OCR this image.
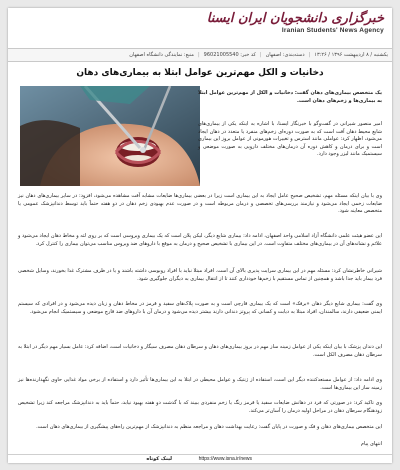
خبرگزاری دانشجویان ایران ایسنا
Iranian Students' News Agency
یکشنبه / ۸ اردیبهشت ۱۳۹۶ / ۱۳:۲۶|دسته‌بندی: اصفهان|کد خبر: 96021005540|منبع: نمایندگی دانشگاه اصفهان
دخانیات و الکل مهم‌ترین عوامل ابتلا به بیماری‌های دهان
یک متخصص بیماری‌های دهان گفت: دخانیات و الکل از مهم‌ترین عوامل ابتلا به بیماری‌ها و زخم‌های دهان است.
امیر منصور شیرانی در گفت‌وگو با خبرنگار ایسنا، با اشاره به اینکه یکی از بیماری‌های شایع محیط دهان آفت است که به صورت دوره‌ای زخم‌های منفرد یا متعدد در دهان ایجاد می‌شود، اظهار کرد: عواملی مانند استرس و تغییرات هورمونی از عوامل بروز این بیماری است و برای درمان و کاهش دوره آن درمان‌های مختلف دارویی به صورت موضعی و سیستمیک مانند لیزر وجود دارد.
وی با بیان اینکه مسئله مهم، تشخیص صحیح عامل ایجاد به این بیماری است زیرا در بعضی بیماری‌ها ضایعات مشابه آفت مشاهده می‌شود، افزود: در سایر بیماری‌های دهان نیز ضایعات زخمی ایجاد می‌شود و نیازمند بررسی‌های تخصصی و درمان مربوطه است و در صورت عدم بهبودی زخم دهان در دو هفته حتماً باید توسط دندانپزشک عمومی یا متخصص معاینه شود.
این عضو هیئت علمی دانشگاه آزاد اسلامی واحد اصفهان، ادامه داد: بیماری شایع دیگر، لیکن پلان است که یک بیماری ویروسی است که بر روی لثه و مخاط دهان ایجاد می‌شود و علائم و نشانه‌های آن در بیماری‌های مختلف متفاوت است. در این بیماری با تشخیص صحیح و درمان به موقع با داروهای ضد ویروس مناسب می‌توان بیماری را کنترل کرد.
شیرانی خاطرنشان کرد: مسئله مهم در این بیماری سرایت پذیری بالای آن است. افراد مبتلا نباید با افراد روبوسی داشته باشند و یا در ظرف مشترک غذا بخورند، وسایل شخصی فرد بیمار باید جدا باشد و همچنین از تماس مستقیم با زخم‌ها خودداری کنند تا از انتقال بیماری به دیگران جلوگیری شود.
وی گفت: بیماری شایع دیگر دهان «برفک» است که یک بیماری قارچی است و به صورت پلاک‌های سفید و قرمز در مخاط دهان و زبان دیده می‌شود و در افرادی که سیستم ایمنی ضعیفی دارند، سالمندان، افراد مبتلا به دیابت و کسانی که پروتز دندانی دارند بیشتر دیده می‌شود و درمان آن با داروهای ضد قارچ موضعی و سیستمیک انجام می‌شود.
این دندان پزشک با بیان اینکه یکی از عوامل زمینه ساز مهم در بروز بیماری‌های دهان و سرطان دهان مصرف سیگار و دخانیات است، اضافه کرد: عامل بسیار مهم دیگر در ابتلا به سرطان دهان مصرف الکل است.
وی ادامه داد: از عوامل مستعدکننده دیگر این است، استفاده از ژنتیک و عوامل محیطی در ابتلا به این بیماری‌ها تأثیر دارد و استفاده از برخی مواد غذایی حاوی نگهدارنده‌ها نیز زمینه ساز این بیماری‌ها است.
وی تاکید کرد: در صورتی که فرد در دهانش ضایعات سفید یا قرمز رنگ یا زخم منفردی ببیند که با گذشت دو هفته بهبود نیابد، حتماً باید به دندانپزشک مراجعه کند زیرا تشخیص زودهنگام سرطان دهان در مراحل اولیه درمان را آسان‌تر می‌کند.
این متخصص بیماری‌های دهان و فک و صورت در پایان گفت: رعایت بهداشت دهان و مراجعه منظم به دندانپزشک از مهم‌ترین راه‌های پیشگیری از بیماری‌های دهان است.
انتهای پیام
لینک کوتاه	https://www.isna.ir/news
